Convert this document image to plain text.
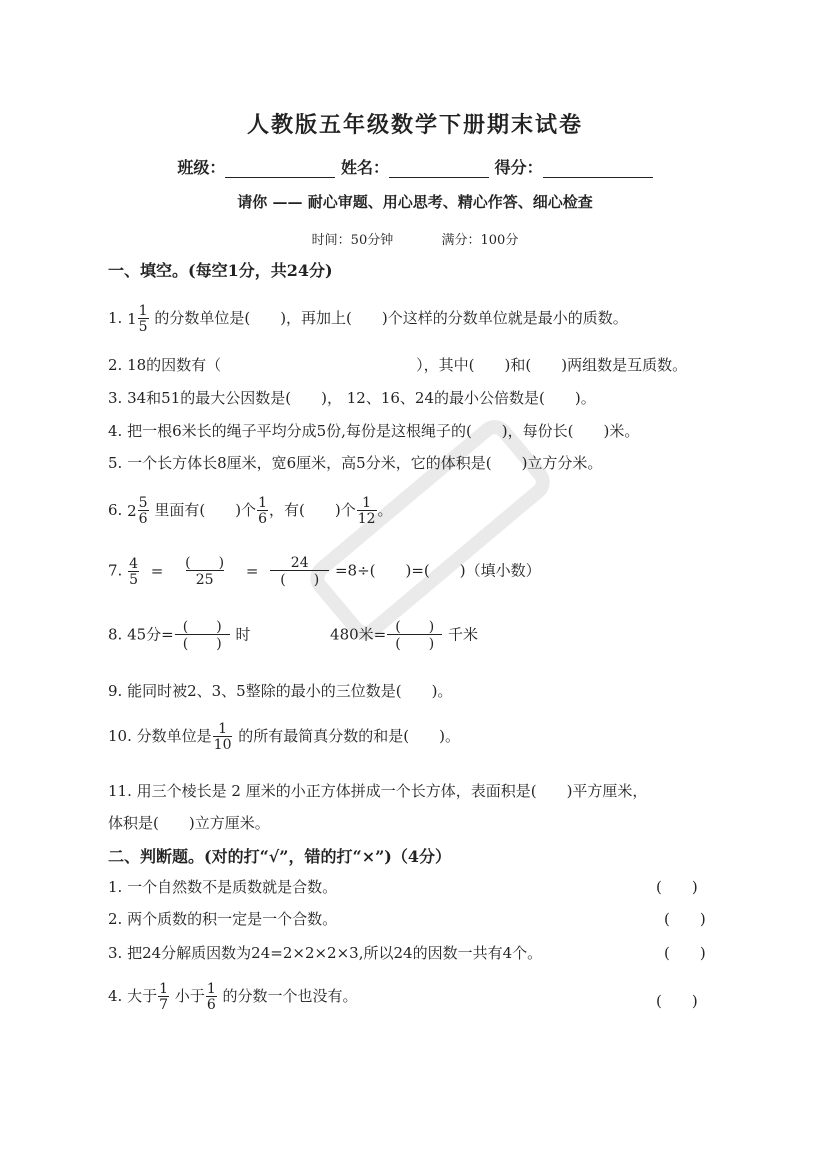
人教版五年级数学下册期末试卷
班级：	姓名：	得分：
请你 —— 耐心审题、用心思考、精心作答、细心检查
时间：50分钟	满分：100分
一、填空。(每空1分，共24分)
1. $1 \frac{1}{5}$ 的分数单位是(　　)，再加上(　　)个这样的分数单位就是最小的质数。
2. 18的因数有（　　　　　　　　　　　　　），其中(　　)和(　　)两组数是互质数。
3. 34和51的最大公因数是(　　)， 12、16、24的最小公倍数是(　　)。
4. 把一根6米长的绳子平均分成5份,每份是这根绳子的(　　)，每份长(　　)米。
5. 一个长方体长8厘米，宽6厘米，高5分米，它的体积是(　　)立方分米。
6. $2 \frac{5}{6}$ 里面有(　　)个 $\frac{1}{6}$ ，有(　　)个 $\frac{1}{12}$ 。
7. $\frac{4}{5} = \frac{( )}{25} = \frac{24}{( )} =8\div$(　　)=(　　)（填小数）
8. 45分= $\frac{( )}{( )}$ 时	480米= $\frac{( )}{( )}$ 千米
9. 能同时被2、3、5整除的最小的三位数是(　　)。
10. 分数单位是 $\frac{1}{10}$ 的所有最简真分数的和是(　　)。
11. 用三个棱长是 2 厘米的小正方体拼成一个长方体，表面积是(　　)平方厘米，
体积是(　　)立方厘米。
二、判断题。(对的打“√”，错的打“×”)（4分）
1. 一个自然数不是质数就是合数。	(　　)
2. 两个质数的积一定是一个合数。	(　　)
3. 把24分解质因数为24=2×2×2×3,所以24的因数一共有4个。	(　　)
4. 大于 $\frac{1}{7}$ 小于 $\frac{1}{6}$ 的分数一个也没有。	(　　)
